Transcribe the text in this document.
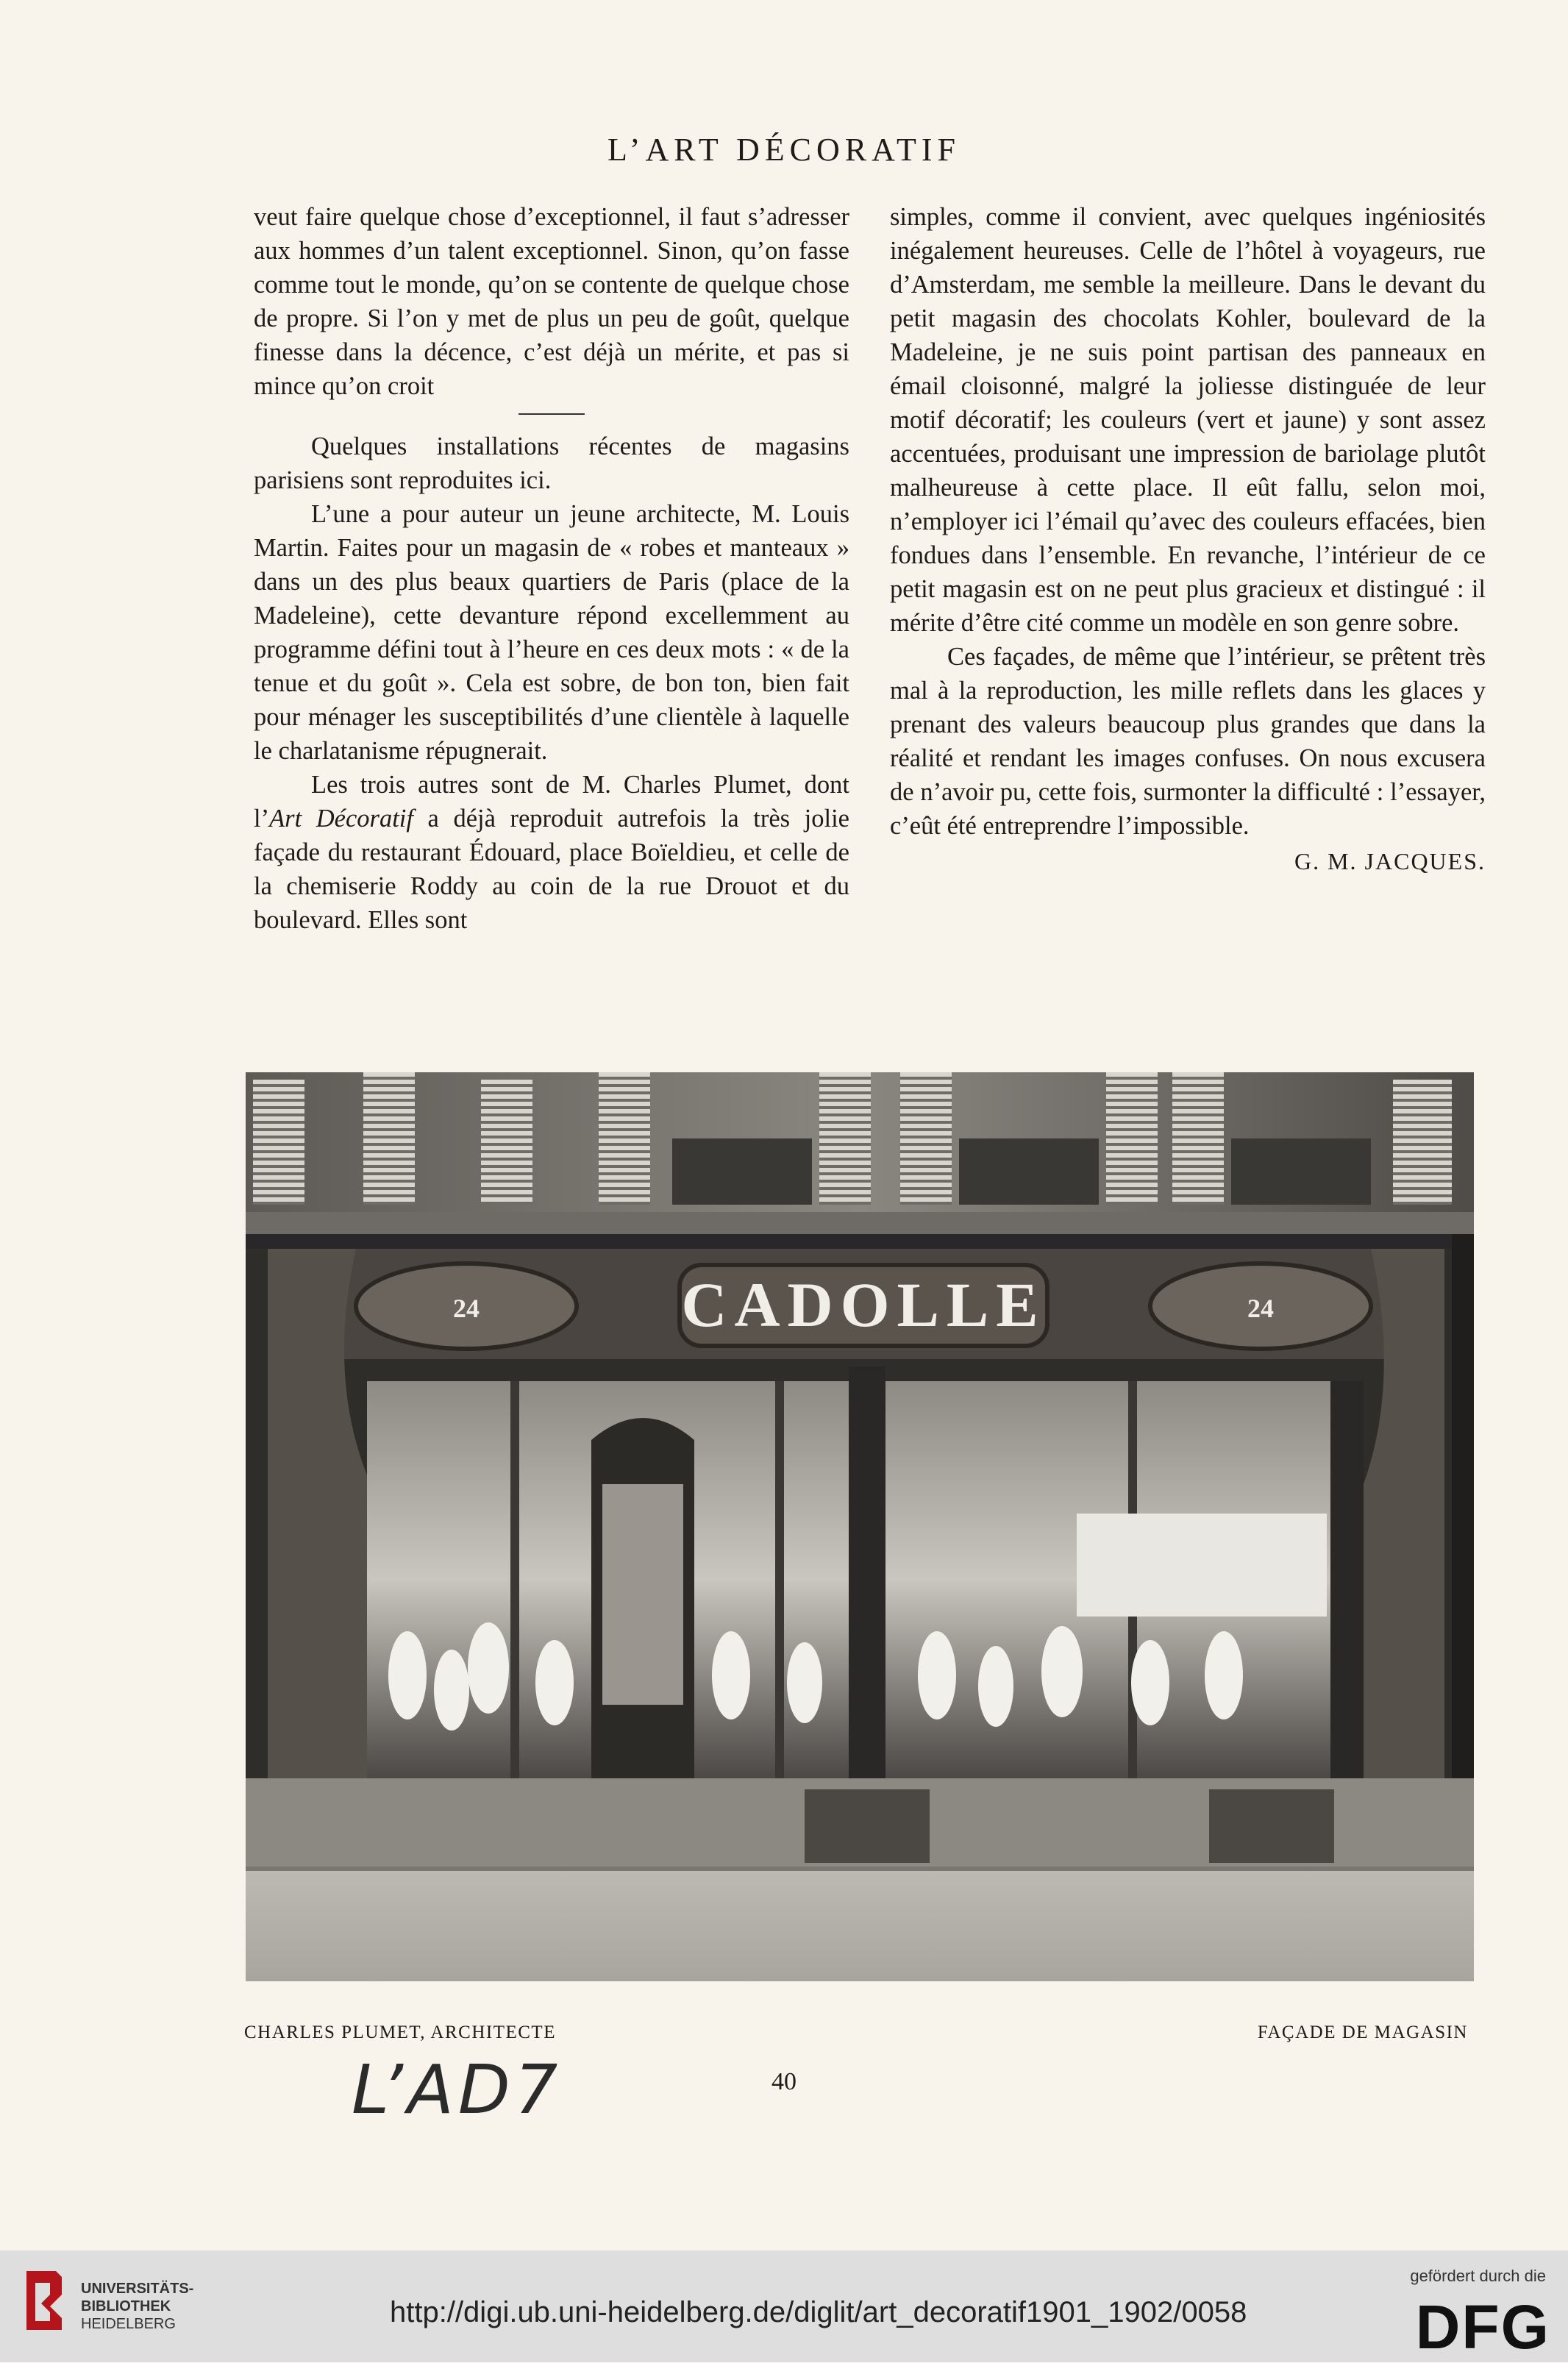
L’ART DÉCORATIF

veut faire quelque chose d’exceptionnel, il faut s’adresser aux hommes d’un talent exceptionnel. Sinon, qu’on fasse comme tout le monde, qu’on se contente de quelque chose de propre. Si l’on y met de plus un peu de goût, quelque finesse dans la décence, c’est déjà un mérite, et pas si mince qu’on croit

Quelques installations récentes de magasins parisiens sont reproduites ici.

L’une a pour auteur un jeune architecte, M. Louis Martin. Faites pour un magasin de « robes et manteaux » dans un des plus beaux quartiers de Paris (place de la Madeleine), cette devanture répond excellemment au programme défini tout à l’heure en ces deux mots : « de la tenue et du goût ». Cela est sobre, de bon ton, bien fait pour ménager les susceptibilités d’une clientèle à laquelle le charlatanisme répugnerait.

Les trois autres sont de M. Charles Plumet, dont l’Art Décoratif a déjà reproduit autrefois la très jolie façade du restaurant Édouard, place Boïeldieu, et celle de la chemiserie Roddy au coin de la rue Drouot et du boulevard. Elles sont

simples, comme il convient, avec quelques ingéniosités inégalement heureuses. Celle de l’hôtel à voyageurs, rue d’Amsterdam, me semble la meilleure. Dans le devant du petit magasin des chocolats Kohler, boulevard de la Madeleine, je ne suis point partisan des panneaux en émail cloisonné, malgré la joliesse distinguée de leur motif décoratif; les couleurs (vert et jaune) y sont assez accentuées, produisant une impression de bariolage plutôt malheureuse à cette place. Il eût fallu, selon moi, n’employer ici l’émail qu’avec des couleurs effacées, bien fondues dans l’ensemble. En revanche, l’intérieur de ce petit magasin est on ne peut plus gracieux et distingué : il mérite d’être cité comme un modèle en son genre sobre.

Ces façades, de même que l’intérieur, se prêtent très mal à la reproduction, les mille reflets dans les glaces y prenant des valeurs beaucoup plus grandes que dans la réalité et rendant les images confuses. On nous excusera de n’avoir pu, cette fois, surmonter la difficulté : l’essayer, c’eût été entreprendre l’impossible.

G. M. JACQUES.
CADOLLE
24	24
CHARLES PLUMET, ARCHITECTE	FAÇADE DE MAGASIN
L’AD7	40
UNIVERSITÄTS-
BIBLIOTHEK
HEIDELBERG	http://digi.ub.uni-heidelberg.de/diglit/art_decoratif1901_1902/0058
gefördert durch die
DFG
